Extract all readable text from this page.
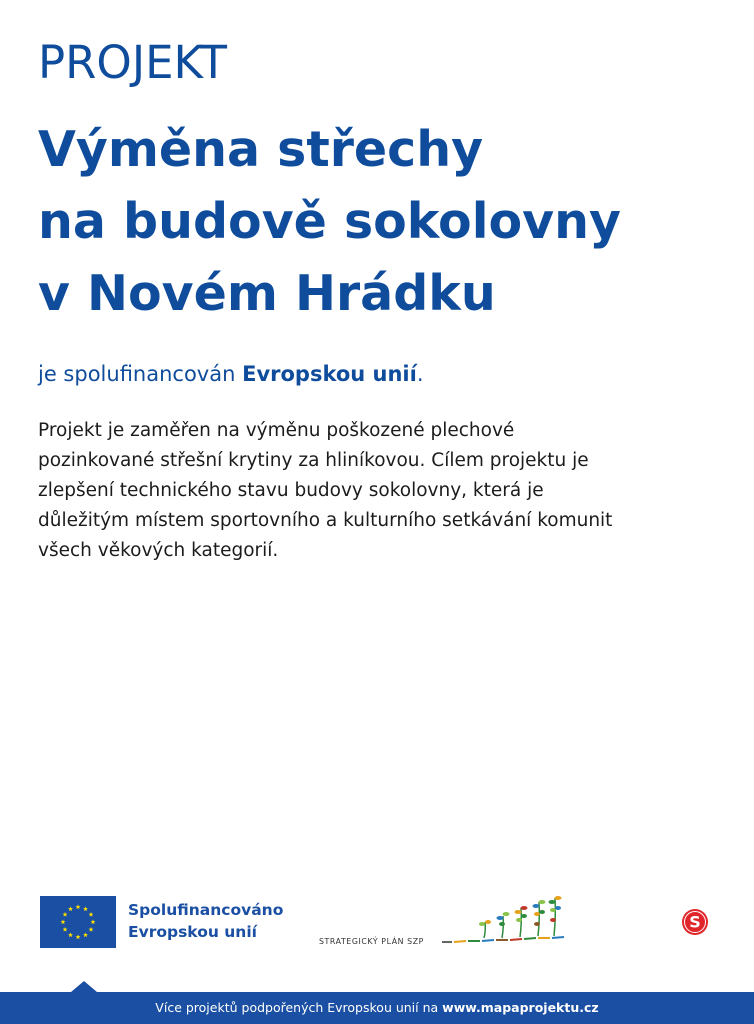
PROJEKT
Výměna střechy
na budově sokolovny
v Novém Hrádku

je spolufinancován Evropskou unií.

Projekt je zaměřen na výměnu poškozené plechové
pozinkované střešní krytiny za hliníkovou. Cílem projektu je
zlepšení technického stavu budovy sokolovny, která je
důležitým místem sportovního a kulturního setkávání komunit
všech věkových kategorií.

Spolufinancováno
Evropskou unií
STRATEGICKÝ PLÁN SZP
S
Více projektů podpořených Evropskou unií na www.mapaprojektu.cz
